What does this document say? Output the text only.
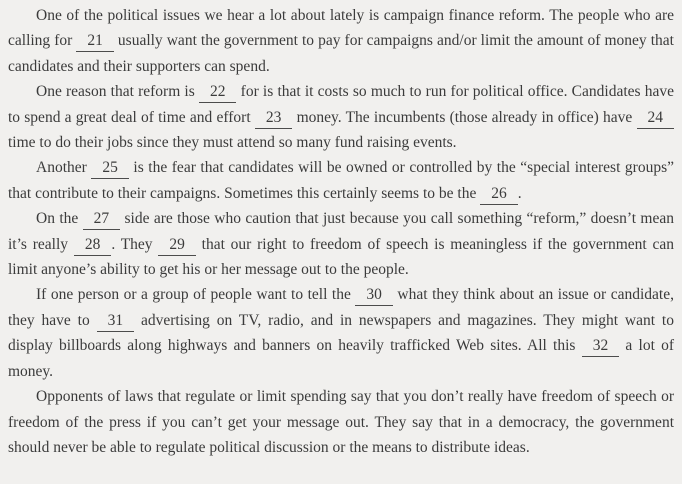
One of the political issues we hear a lot about lately is campaign finance reform. The people who are calling for 21 usually want the government to pay for campaigns and/or limit the amount of money that candidates and their supporters can spend.

One reason that reform is 22 for is that it costs so much to run for political office. Candidates have to spend a great deal of time and effort 23 money. The incumbents (those already in office) have 24 time to do their jobs since they must attend so many fund raising events.

Another 25 is the fear that candidates will be owned or controlled by the “special interest groups” that contribute to their campaigns. Sometimes this certainly seems to be the 26 .

On the 27 side are those who caution that just because you call something “reform,” doesn’t mean it’s really 28 . They 29 that our right to freedom of speech is meaningless if the government can limit anyone’s ability to get his or her message out to the people.

If one person or a group of people want to tell the 30 what they think about an issue or candidate, they have to 31 advertising on TV, radio, and in newspapers and magazines. They might want to display billboards along highways and banners on heavily trafficked Web sites. All this 32 a lot of money.

Opponents of laws that regulate or limit spending say that you don’t really have freedom of speech or freedom of the press if you can’t get your message out. They say that in a democracy, the government should never be able to regulate political discussion or the means to distribute ideas.
